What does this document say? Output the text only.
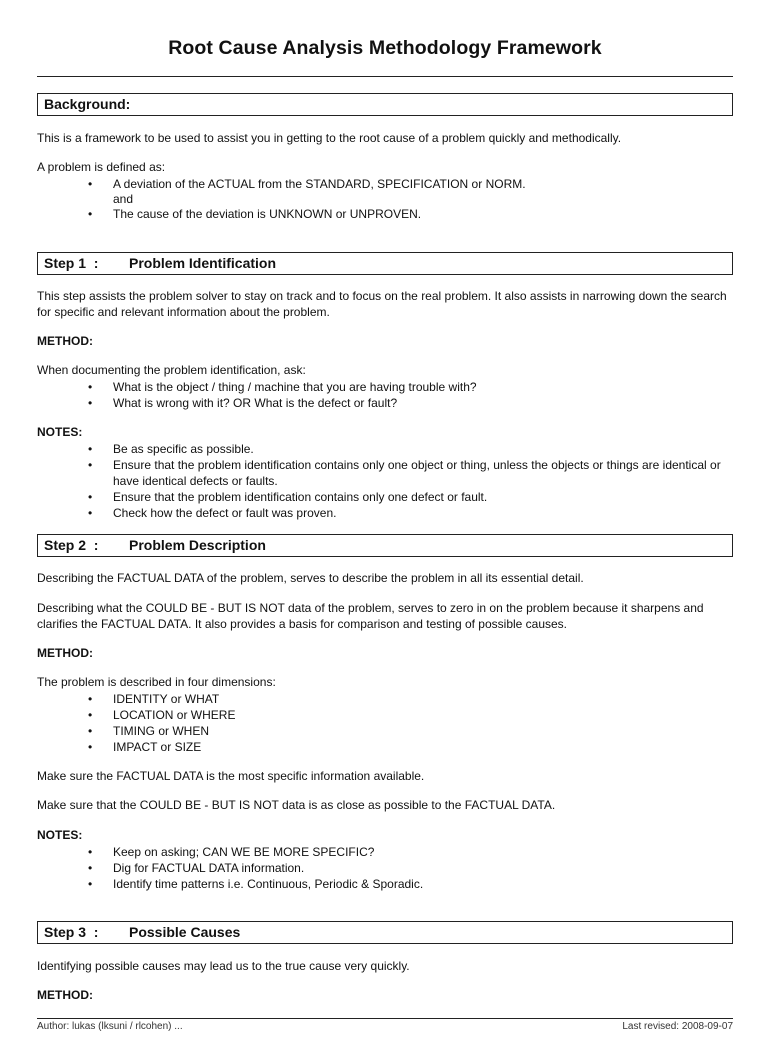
Root Cause Analysis Methodology Framework
Background:
This is a framework to be used to assist you in getting to the root cause of a problem quickly and methodically.
A problem is defined as:
• A deviation of the ACTUAL from the STANDARD, SPECIFICATION or NORM.
and
• The cause of the deviation is UNKNOWN or UNPROVEN.
Step 1  : Problem Identification
This step assists the problem solver to stay on track and to focus on the real problem. It also assists in narrowing down the search for specific and relevant information about the problem.
METHOD:
When documenting the problem identification, ask:
• What is the object / thing / machine that you are having trouble with?
• What is wrong with it? OR What is the defect or fault?
NOTES:
• Be as specific as possible.
• Ensure that the problem identification contains only one object or thing, unless the objects or things are identical or have identical defects or faults.
• Ensure that the problem identification contains only one defect or fault.
• Check how the defect or fault was proven.
Step 2  : Problem Description
Describing the FACTUAL DATA of the problem, serves to describe the problem in all its essential detail.
Describing what the COULD BE - BUT IS NOT data of the problem, serves to zero in on the problem because it sharpens and clarifies the FACTUAL DATA. It also provides a basis for comparison and testing of possible causes.
METHOD:
The problem is described in four dimensions:
• IDENTITY or WHAT
• LOCATION or WHERE
• TIMING or WHEN
• IMPACT or SIZE
Make sure the FACTUAL DATA is the most specific information available.
Make sure that the COULD BE - BUT IS NOT data is as close as possible to the FACTUAL DATA.
NOTES:
• Keep on asking; CAN WE BE MORE SPECIFIC?
• Dig for FACTUAL DATA information.
• Identify time patterns i.e. Continuous, Periodic & Sporadic.
Step 3  : Possible Causes
Identifying possible causes may lead us to the true cause very quickly.
METHOD:
Author: lukas (lksuni / rlcohen) ...	Last revised: 2008-09-07
